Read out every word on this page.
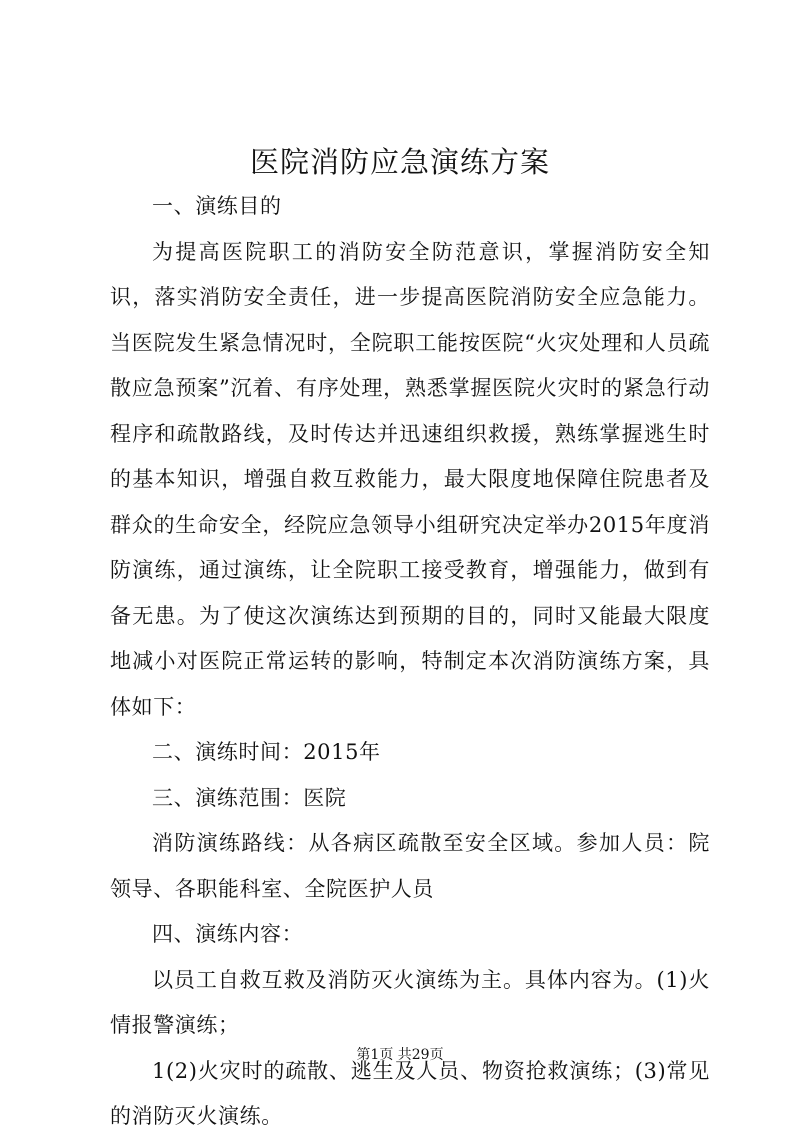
医院消防应急演练方案

一、演练目的

为提高医院职工的消防安全防范意识，掌握消防安全知识，落实消防安全责任，进一步提高医院消防安全应急能力。当医院发生紧急情况时，全院职工能按医院“火灾处理和人员疏散应急预案”沉着、有序处理，熟悉掌握医院火灾时的紧急行动程序和疏散路线，及时传达并迅速组织救援，熟练掌握逃生时的基本知识，增强自救互救能力，最大限度地保障住院患者及群众的生命安全，经院应急领导小组研究决定举办2015年度消防演练，通过演练，让全院职工接受教育，增强能力，做到有备无患。为了使这次演练达到预期的目的，同时又能最大限度地减小对医院正常运转的影响，特制定本次消防演练方案，具体如下：

二、演练时间：2015年

三、演练范围：医院

消防演练路线：从各病区疏散至安全区域。参加人员：院领导、各职能科室、全院医护人员

四、演练内容：

以员工自救互救及消防灭火演练为主。具体内容为。(1)火情报警演练；

1(2)火灾时的疏散、逃生及人员、物资抢救演练；(3)常见的消防灭火演练。

第1页 共29页
